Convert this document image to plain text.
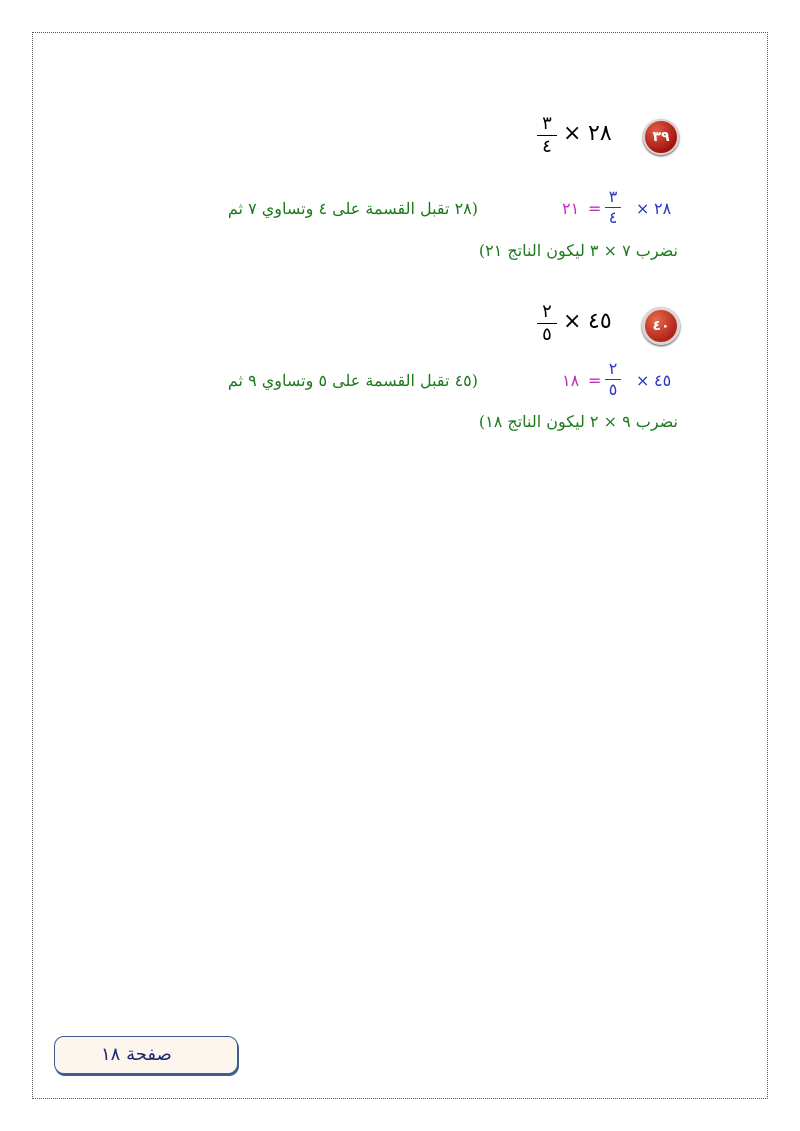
٣٩
٢٨
×
٣
٤
٢٨
×
٣
٤
=
٢١
(٢٨ تقبل القسمة على ٤ وتساوي ٧ ثم
نضرب ٧ × ٣ ليكون الناتج ٢١)
٤٠
٤٥
×
٢
٥
٤٥
×
٢
٥
=
١٨
(٤٥ تقبل القسمة على ٥ وتساوي ٩ ثم
نضرب ٩ × ٢ ليكون الناتج ١٨)
صفحة ١٨
